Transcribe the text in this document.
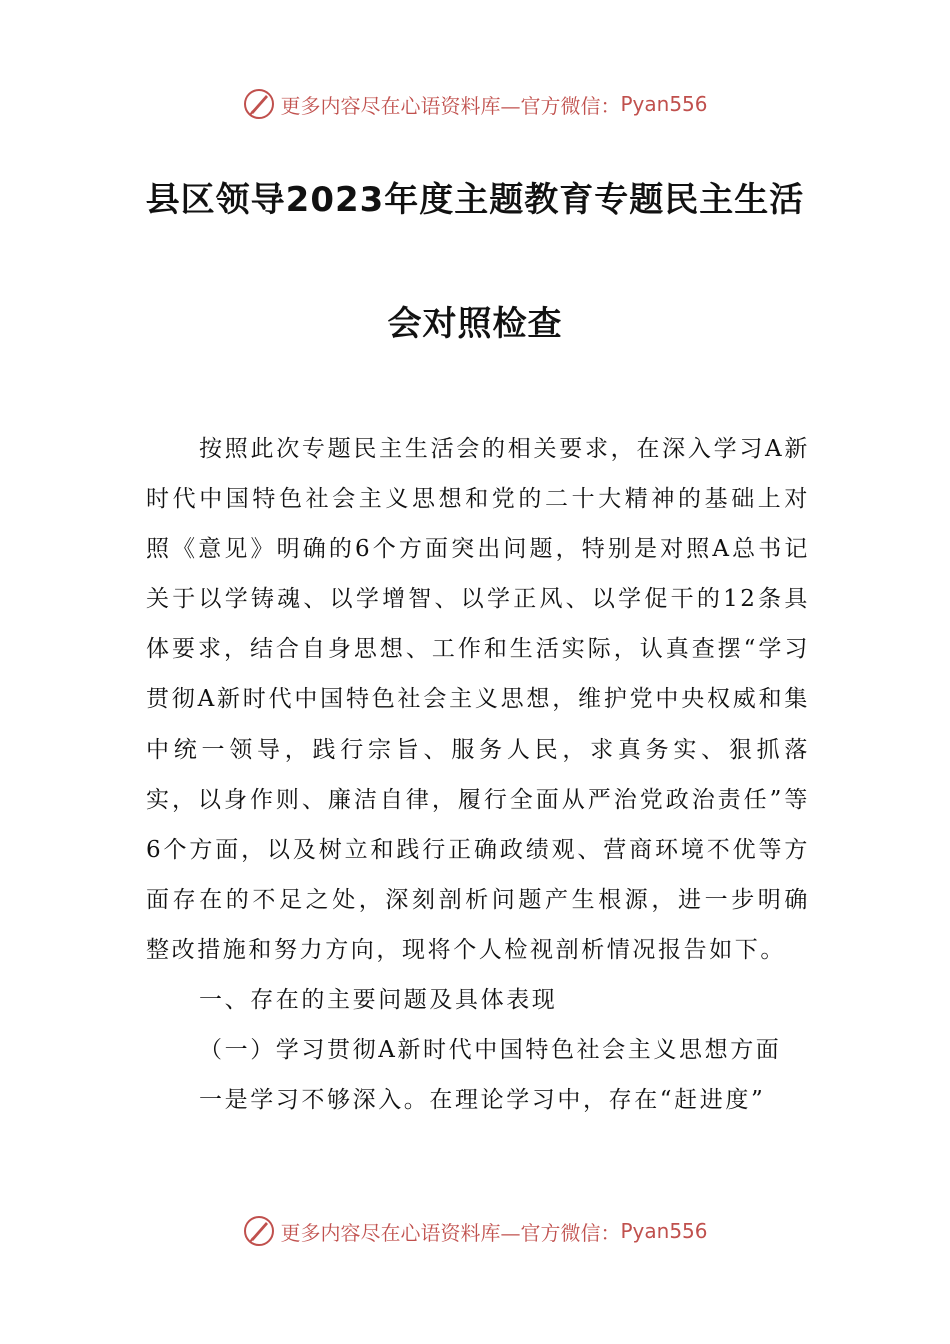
更多内容尽在心语资料库—官方微信： Pyan556
县区领导2023年度主题教育专题民主生活
会对照检查

按照此次专题民主生活会的相关要求，在深入学习A新时代中国特色社会主义思想和党的二十大精神的基础上对照《意见》明确的6个方面突出问题，特别是对照A总书记关于以学铸魂、以学增智、以学正风、以学促干的12条具体要求，结合自身思想、工作和生活实际，认真查摆“学习贯彻A新时代中国特色社会主义思想，维护党中央权威和集中统一领导，践行宗旨、服务人民，求真务实、狠抓落实，以身作则、廉洁自律，履行全面从严治党政治责任”等6个方面，以及树立和践行正确政绩观、营商环境不优等方面存在的不足之处，深刻剖析问题产生根源，进一步明确整改措施和努力方向，现将个人检视剖析情况报告如下。

一、存在的主要问题及具体表现

（一）学习贯彻A新时代中国特色社会主义思想方面

一是学习不够深入。在理论学习中，存在“赶进度”

更多内容尽在心语资料库—官方微信： Pyan556
